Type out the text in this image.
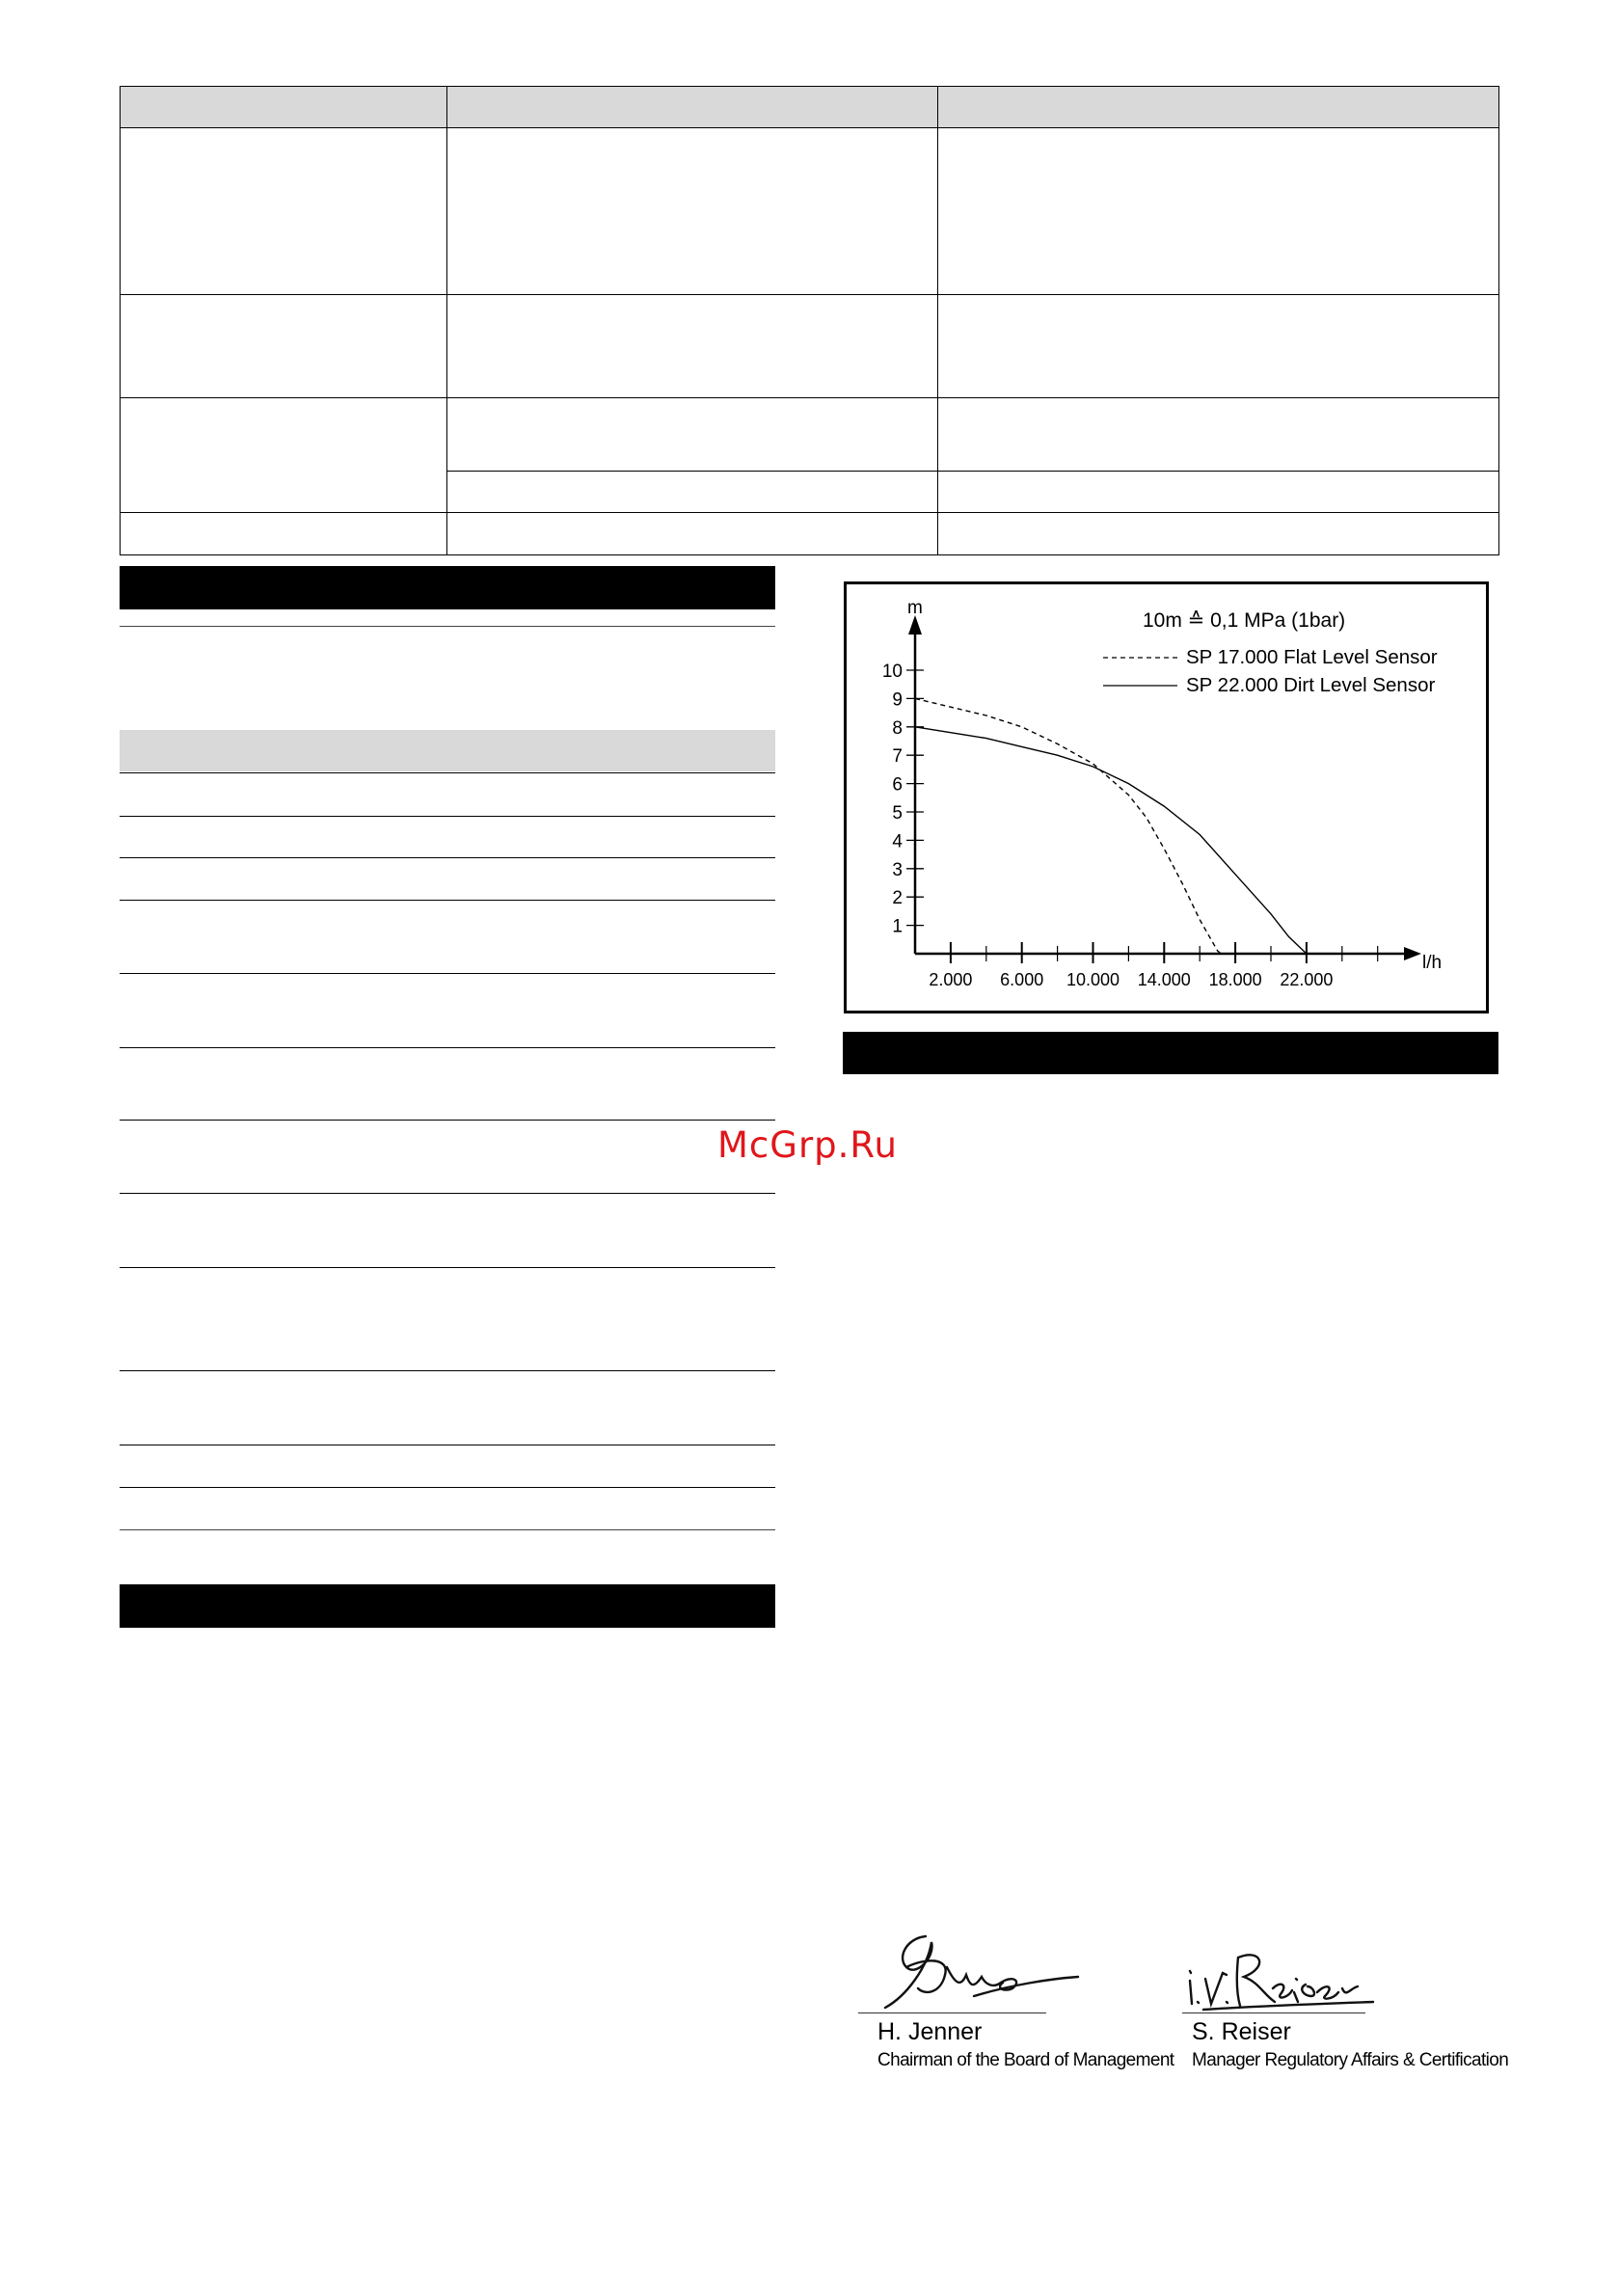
1
2
3
4
5
6
7
8
9
10
2.000 6.000 10.000 14.000 18.000 22.000
SP 17.000 Flat Level Sensor
SP 22.000 Dirt Level Sensor
10m ≙ 0,1 MPa (1bar)
m
l/h
McGrp.Ru
H. Jenner
Chairman of the Board of Management
S. Reiser
Manager Regulatory Affairs & Certification
